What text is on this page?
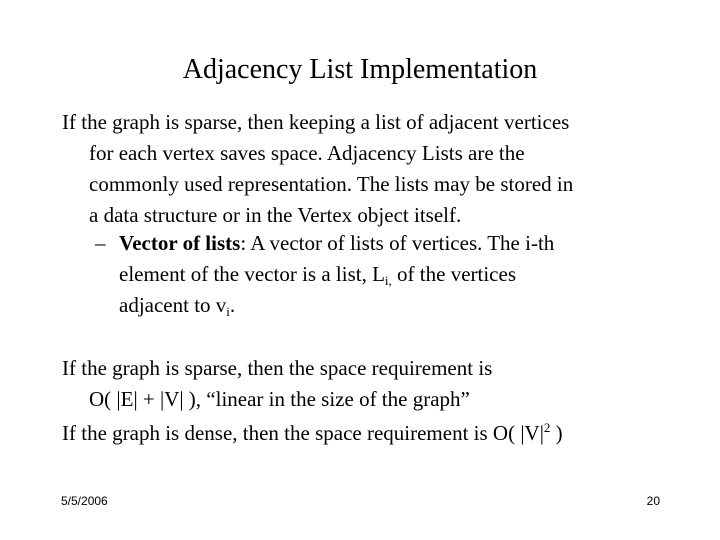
Adjacency List Implementation
If the graph is sparse, then keeping a list of adjacent vertices
for each vertex saves space. Adjacency Lists are the
commonly used representation. The lists may be stored in
a data structure or in the Vertex object itself.
– Vector of lists: A vector of lists of vertices. The i-th
element of the vector is a list, $L_{i,}$ of the vertices
adjacent to $v_i$.
If the graph is sparse, then the space requirement is
O( |E| + |V| ), “linear in the size of the graph”
If the graph is dense, then the space requirement is O( $|V|^2$ )
5/5/2006	20
